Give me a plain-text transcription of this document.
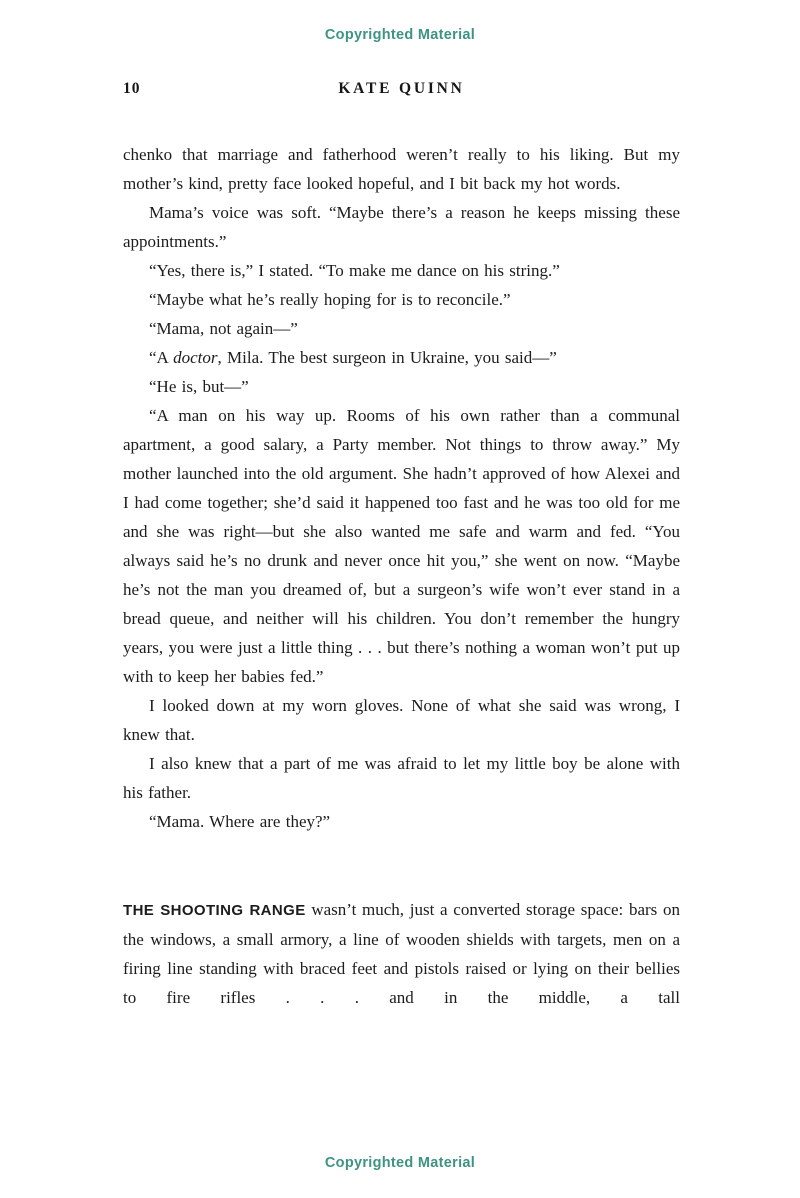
Copyrighted Material
10	KATE QUINN

chenko that marriage and fatherhood weren’t really to his liking. But my mother’s kind, pretty face looked hopeful, and I bit back my hot words.

Mama’s voice was soft. “Maybe there’s a reason he keeps missing these appointments.”

“Yes, there is,” I stated. “To make me dance on his string.”

“Maybe what he’s really hoping for is to reconcile.”

“Mama, not again—”

“A doctor, Mila. The best surgeon in Ukraine, you said—”

“He is, but—”

“A man on his way up. Rooms of his own rather than a communal apartment, a good salary, a Party member. Not things to throw away.” My mother launched into the old argument. She hadn’t approved of how Alexei and I had come together; she’d said it happened too fast and he was too old for me and she was right—but she also wanted me safe and warm and fed. “You always said he’s no drunk and never once hit you,” she went on now. “Maybe he’s not the man you dreamed of, but a surgeon’s wife won’t ever stand in a bread queue, and neither will his children. You don’t remember the hungry years, you were just a little thing . . . but there’s nothing a woman won’t put up with to keep her babies fed.”

I looked down at my worn gloves. None of what she said was wrong, I knew that.

I also knew that a part of me was afraid to let my little boy be alone with his father.

“Mama. Where are they?”

THE SHOOTING RANGE wasn’t much, just a converted storage space: bars on the windows, a small armory, a line of wooden shields with targets, men on a firing line standing with braced feet and pistols raised or lying on their bellies to fire rifles . . . and in the middle, a tall

Copyrighted Material
